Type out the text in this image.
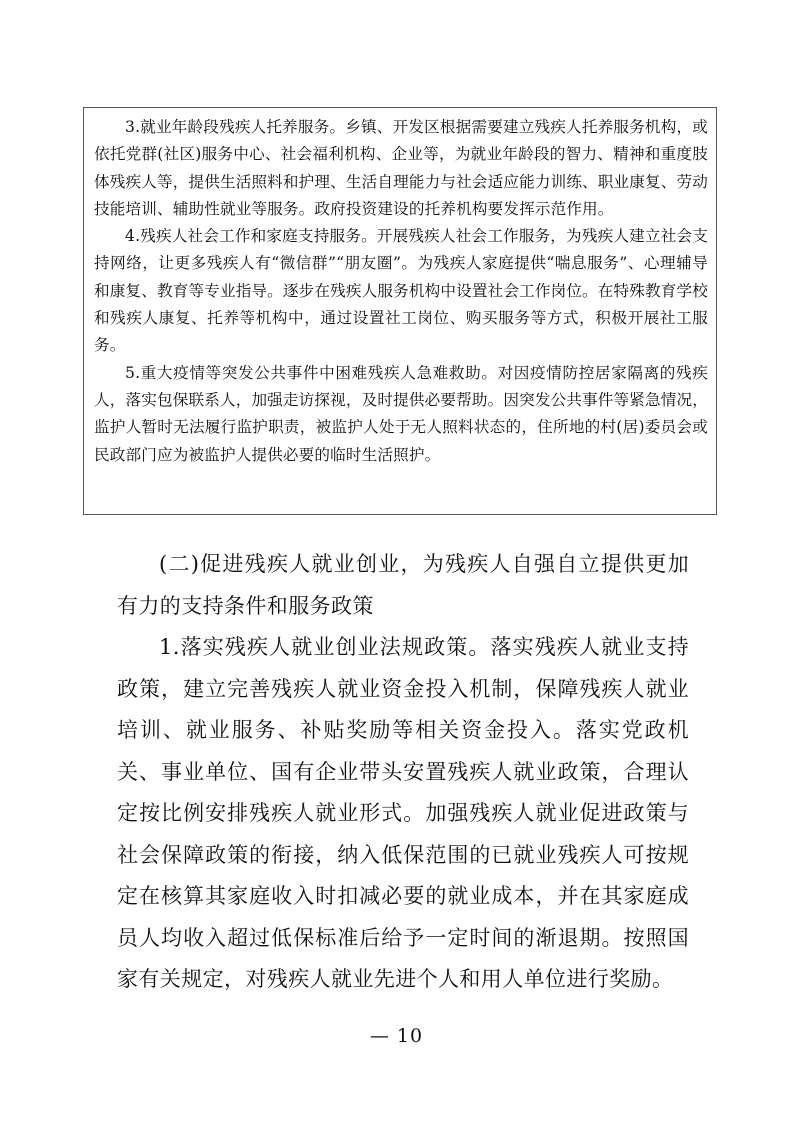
3.就业年龄段残疾人托养服务。乡镇、开发区根据需要建立残疾人托养服务机构，或依托党群(社区)服务中心、社会福利机构、企业等，为就业年龄段的智力、精神和重度肢体残疾人等，提供生活照料和护理、生活自理能力与社会适应能力训练、职业康复、劳动技能培训、辅助性就业等服务。政府投资建设的托养机构要发挥示范作用。

4.残疾人社会工作和家庭支持服务。开展残疾人社会工作服务，为残疾人建立社会支持网络，让更多残疾人有“微信群”“朋友圈”。为残疾人家庭提供“喘息服务”、心理辅导和康复、教育等专业指导。逐步在残疾人服务机构中设置社会工作岗位。在特殊教育学校和残疾人康复、托养等机构中，通过设置社工岗位、购买服务等方式，积极开展社工服务。

5.重大疫情等突发公共事件中困难残疾人急难救助。对因疫情防控居家隔离的残疾人，落实包保联系人，加强走访探视，及时提供必要帮助。因突发公共事件等紧急情况，监护人暂时无法履行监护职责，被监护人处于无人照料状态的，住所地的村(居)委员会或民政部门应为被监护人提供必要的临时生活照护。

(二)促进残疾人就业创业，为残疾人自强自立提供更加有力的支持条件和服务政策

1.落实残疾人就业创业法规政策。落实残疾人就业支持政策，建立完善残疾人就业资金投入机制，保障残疾人就业培训、就业服务、补贴奖励等相关资金投入。落实党政机关、事业单位、国有企业带头安置残疾人就业政策，合理认定按比例安排残疾人就业形式。加强残疾人就业促进政策与社会保障政策的衔接，纳入低保范围的已就业残疾人可按规定在核算其家庭收入时扣减必要的就业成本，并在其家庭成员人均收入超过低保标准后给予一定时间的渐退期。按照国家有关规定，对残疾人就业先进个人和用人单位进行奖励。

— 10
